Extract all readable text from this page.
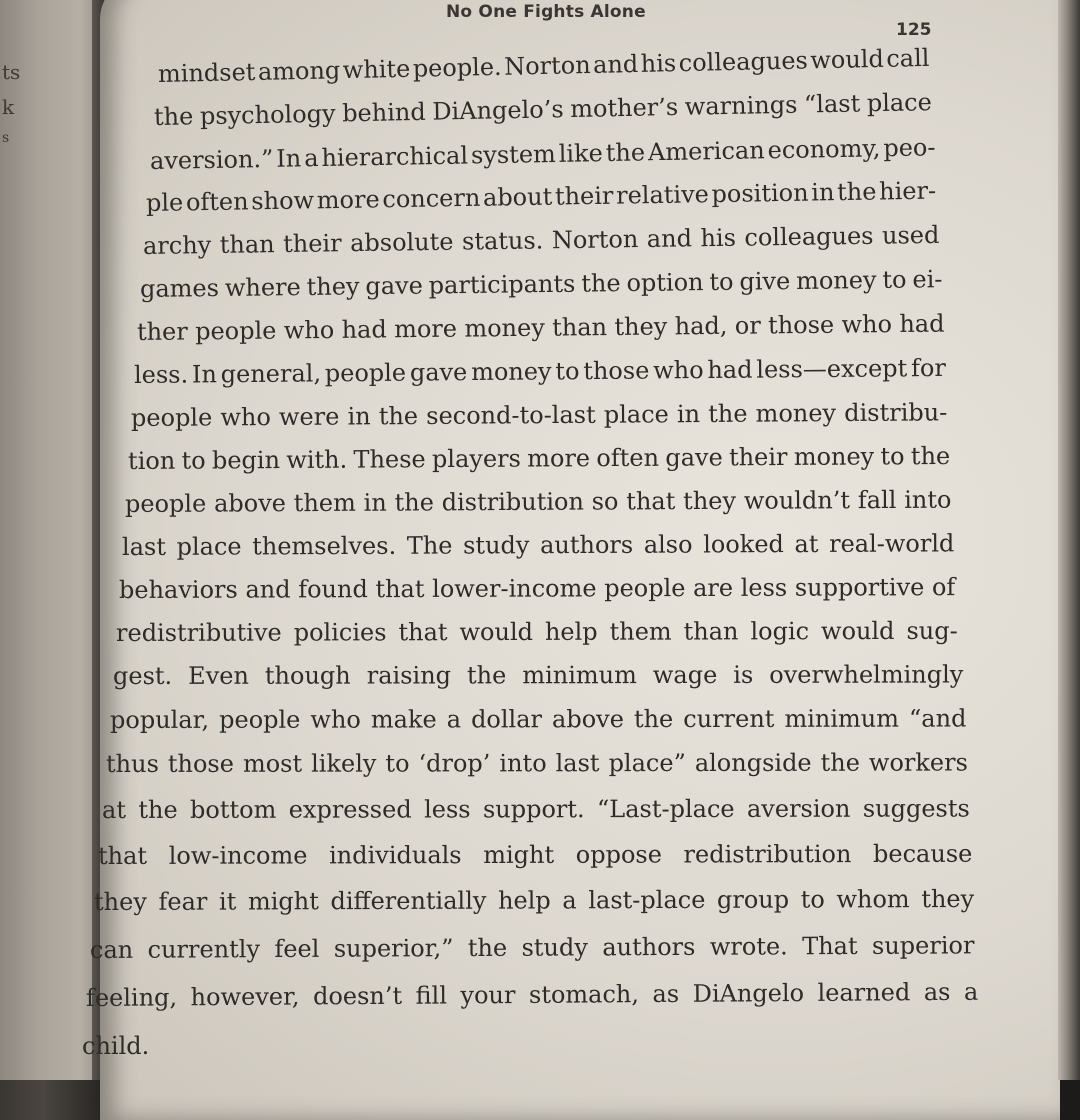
ts
k
s
No One Fights Alone
125
mindset among white people. Norton and his colleagues would call
the psychology behind DiAngelo’s mother’s warnings “last place
aversion.” In a hierarchical system like the American economy, peo-
ple often show more concern about their relative position in the hier-
archy than their absolute status. Norton and his colleagues used
games where they gave participants the option to give money to ei-
ther people who had more money than they had, or those who had
less. In general, people gave money to those who had less—except for
people who were in the second-to-last place in the money distribu-
tion to begin with. These players more often gave their money to the
people above them in the distribution so that they wouldn’t fall into
last place themselves. The study authors also looked at real-world
behaviors and found that lower-income people are less supportive of
redistributive policies that would help them than logic would sug-
gest. Even though raising the minimum wage is overwhelmingly
popular, people who make a dollar above the current minimum “and
thus those most likely to ‘drop’ into last place” alongside the workers
at the bottom expressed less support. “Last-place aversion suggests
that low-income individuals might oppose redistribution because
they fear it might differentially help a last-place group to whom they
can currently feel superior,” the study authors wrote. That superior
feeling, however, doesn’t fill your stomach, as DiAngelo learned as a
child.
